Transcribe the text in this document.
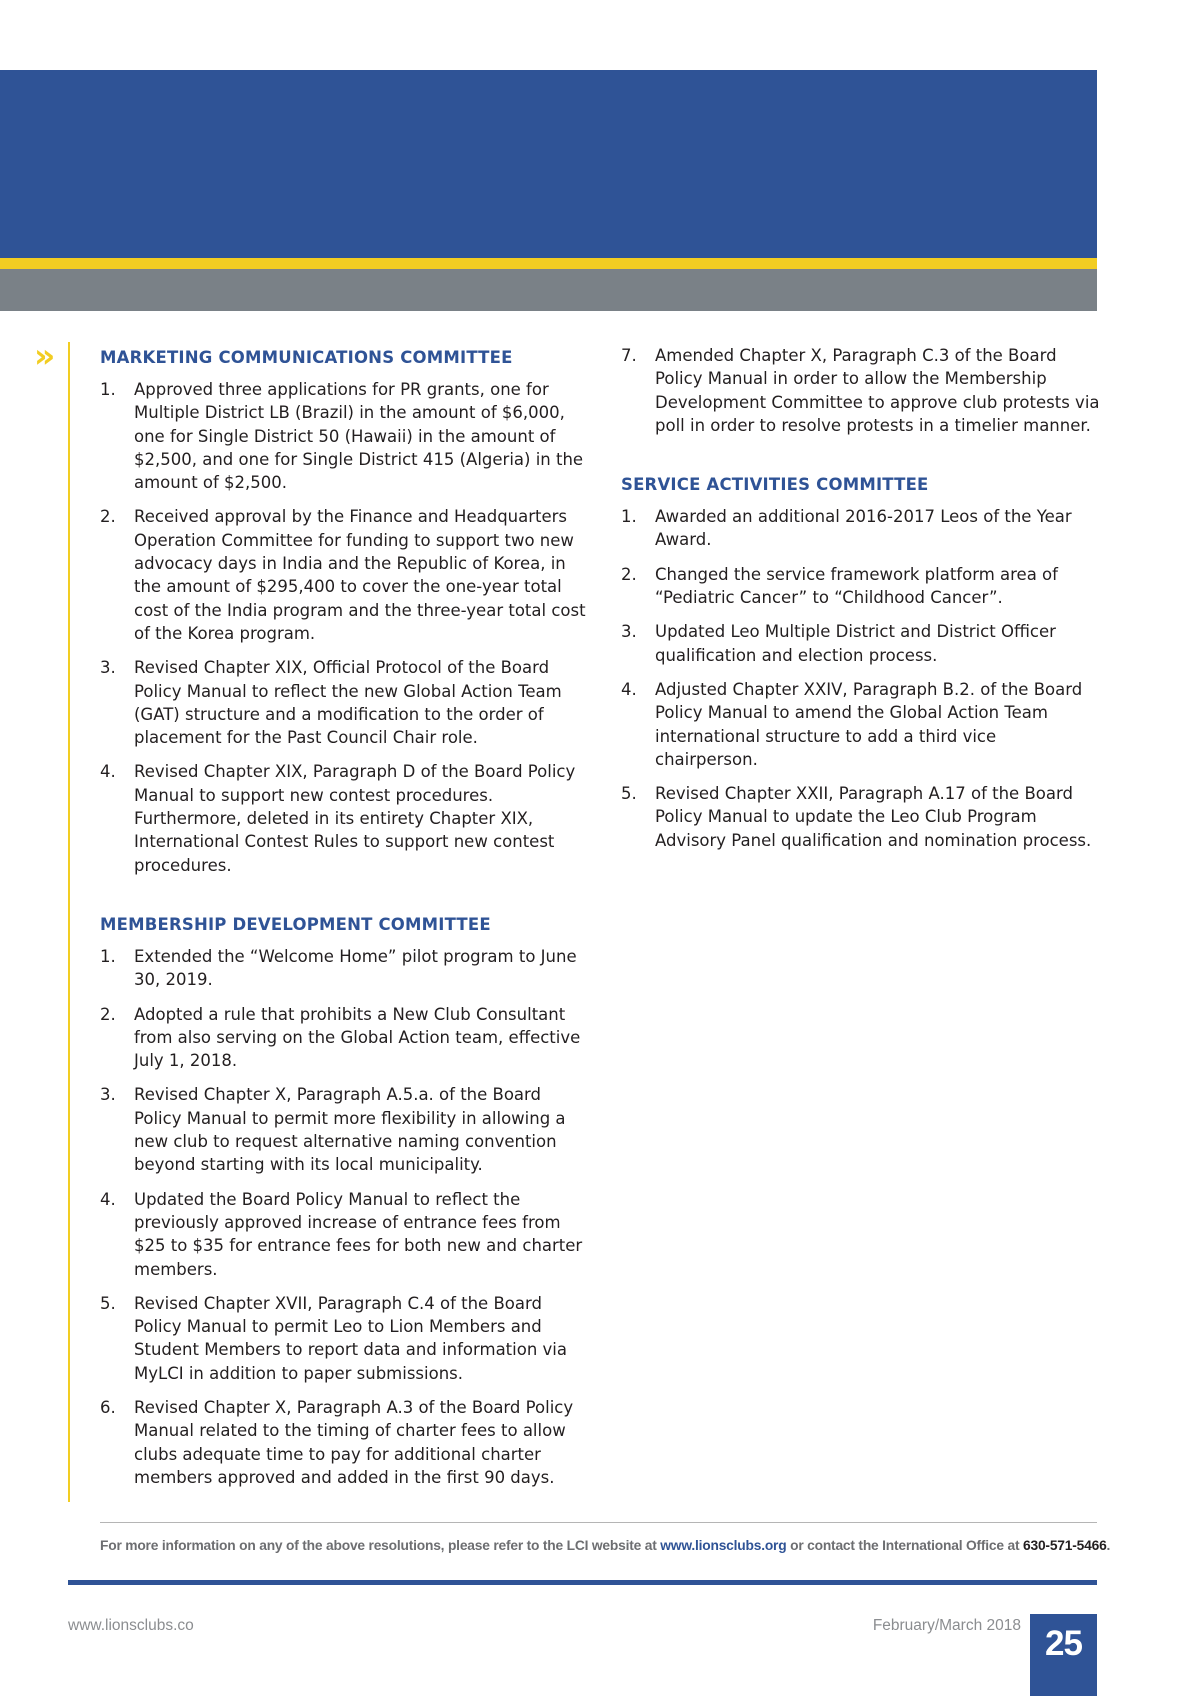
»	MARKETING COMMUNICATIONS COMMITTEE
1.	Approved three applications for PR grants, one for Multiple District LB (Brazil) in the amount of $6,000, one for Single District 50 (Hawaii) in the amount of $2,500, and one for Single District 415 (Algeria) in the amount of $2,500.
2.	Received approval by the Finance and Headquarters Operation Committee for funding to support two new advocacy days in India and the Republic of Korea, in the amount of $295,400 to cover the one-year total cost of the India program and the three-year total cost of the Korea program.
3.	Revised Chapter XIX, Official Protocol of the Board Policy Manual to reflect the new Global Action Team (GAT) structure and a modification to the order of placement for the Past Council Chair role.
4.	Revised Chapter XIX, Paragraph D of the Board Policy Manual to support new contest procedures. Furthermore, deleted in its entirety Chapter XIX, International Contest Rules to support new contest procedures.
MEMBERSHIP DEVELOPMENT COMMITTEE
1.	Extended the “Welcome Home” pilot program to June 30, 2019.
2.	Adopted a rule that prohibits a New Club Consultant from also serving on the Global Action team, effective July 1, 2018.
3.	Revised Chapter X, Paragraph A.5.a. of the Board Policy Manual to permit more flexibility in allowing a new club to request alternative naming convention beyond starting with its local municipality.
4.	Updated the Board Policy Manual to reflect the previously approved increase of entrance fees from $25 to $35 for entrance fees for both new and charter members.
5.	Revised Chapter XVII, Paragraph C.4 of the Board Policy Manual to permit Leo to Lion Members and Student Members to report data and information via MyLCI in addition to paper submissions.
6.	Revised Chapter X, Paragraph A.3 of the Board Policy Manual related to the timing of charter fees to allow clubs adequate time to pay for additional charter members approved and added in the first 90 days.
7.	Amended Chapter X, Paragraph C.3 of the Board Policy Manual in order to allow the Membership Development Committee to approve club protests via poll in order to resolve protests in a timelier manner.
SERVICE ACTIVITIES COMMITTEE
1.	Awarded an additional 2016-2017 Leos of the Year Award.
2.	Changed the service framework platform area of “Pediatric Cancer” to “Childhood Cancer”.
3.	Updated Leo Multiple District and District Officer qualification and election process.
4.	Adjusted Chapter XXIV, Paragraph B.2. of the Board Policy Manual to amend the Global Action Team international structure to add a third vice chairperson.
5.	Revised Chapter XXII, Paragraph A.17 of the Board Policy Manual to update the Leo Club Program Advisory Panel qualification and nomination process.
For more information on any of the above resolutions, please refer to the LCI website at www.lionsclubs.org or contact the International Office at 630-571-5466.
www.lionsclubs.co	February/March 2018 25
